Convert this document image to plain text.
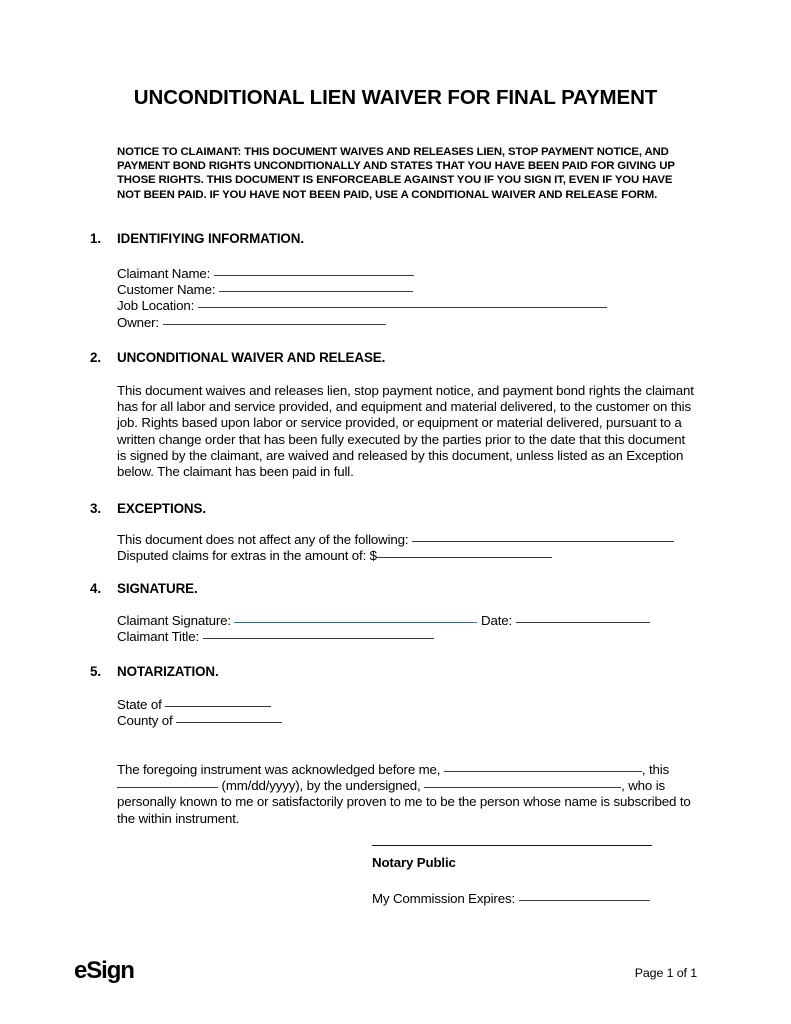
UNCONDITIONAL LIEN WAIVER FOR FINAL PAYMENT
NOTICE TO CLAIMANT: THIS DOCUMENT WAIVES AND RELEASES LIEN, STOP PAYMENT NOTICE, AND PAYMENT BOND RIGHTS UNCONDITIONALLY AND STATES THAT YOU HAVE BEEN PAID FOR GIVING UP THOSE RIGHTS. THIS DOCUMENT IS ENFORCEABLE AGAINST YOU IF YOU SIGN IT, EVEN IF YOU HAVE NOT BEEN PAID. IF YOU HAVE NOT BEEN PAID, USE A CONDITIONAL WAIVER AND RELEASE FORM.
1. IDENTIFIYING INFORMATION.
Claimant Name:
Customer Name:
Job Location:
Owner:
2. UNCONDITIONAL WAIVER AND RELEASE.

This document waives and releases lien, stop payment notice, and payment bond rights the claimant has for all labor and service provided, and equipment and material delivered, to the customer on this job. Rights based upon labor or service provided, or equipment or material delivered, pursuant to a written change order that has been fully executed by the parties prior to the date that this document is signed by the claimant, are waived and released by this document, unless listed as an Exception below. The claimant has been paid in full.

3. EXCEPTIONS.
This document does not affect any of the following:
Disputed claims for extras in the amount of: $
4. SIGNATURE.
Claimant Signature:	Date:
Claimant Title:
5. NOTARIZATION.
State of
County of
The foregoing instrument was acknowledged before me,	, this  (mm/dd/yyyy), by the undersigned,	, who is personally known to me or satisfactorily proven to me to be the person whose name is subscribed to the within instrument.
Notary Public
My Commission Expires:
eSign	Page 1 of 1
